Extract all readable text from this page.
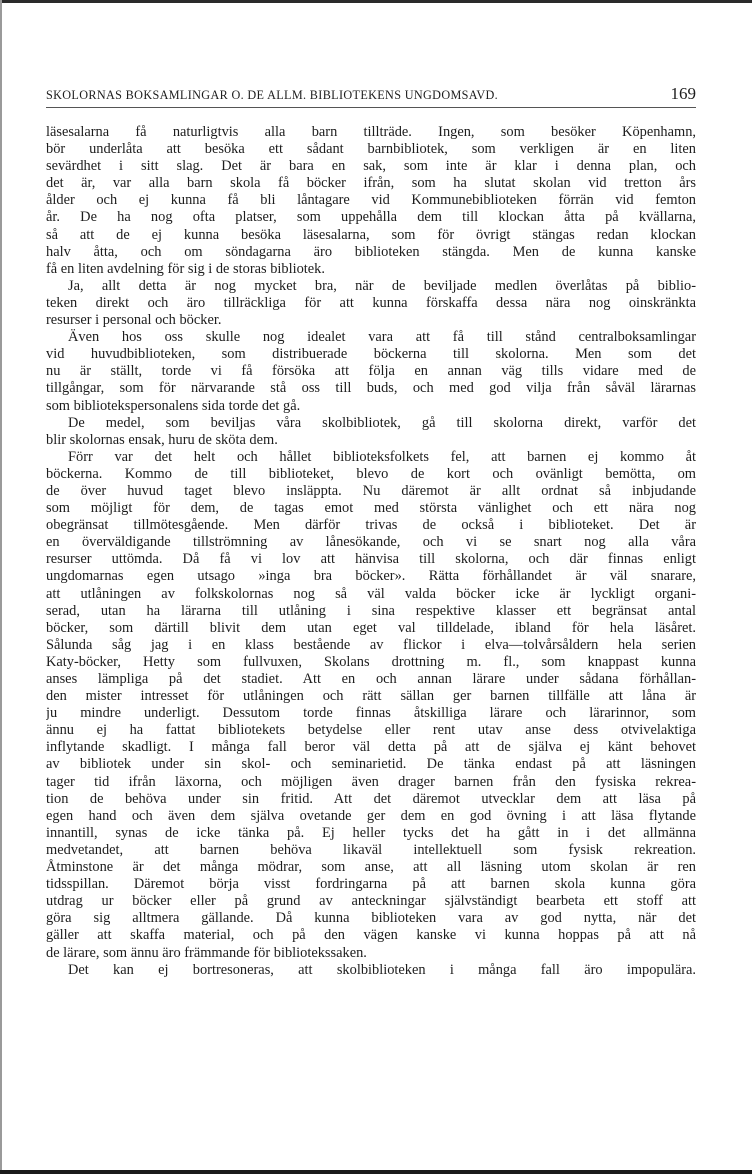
SKOLORNAS BOKSAMLINGAR O. DE ALLM. BIBLIOTEKENS UNGDOMSAVD.	169
läsesalarna få naturligtvis alla barn tillträde. Ingen, som besöker Köpenhamn,
bör underlåta att besöka ett sådant barnbibliotek, som verkligen är en liten
sevärdhet i sitt slag. Det är bara en sak, som inte är klar i denna plan, och
det är, var alla barn skola få böcker ifrån, som ha slutat skolan vid tretton års
ålder och ej kunna få bli låntagare vid Kommunebiblioteken förrän vid femton
år. De ha nog ofta platser, som uppehålla dem till klockan åtta på kvällarna,
så att de ej kunna besöka läsesalarna, som för övrigt stängas redan klockan
halv åtta, och om söndagarna äro biblioteken stängda. Men de kunna kanske
få en liten avdelning för sig i de storas bibliotek.
Ja, allt detta är nog mycket bra, när de beviljade medlen överlåtas på biblio-
teken direkt och äro tillräckliga för att kunna förskaffa dessa nära nog oinskränkta
resurser i personal och böcker.
Även hos oss skulle nog idealet vara att få till stånd centralboksamlingar
vid huvudbiblioteken, som distribuerade böckerna till skolorna. Men som det
nu är ställt, torde vi få försöka att följa en annan väg tills vidare med de
tillgångar, som för närvarande stå oss till buds, och med god vilja från såväl lärarnas
som bibliotekspersonalens sida torde det gå.
De medel, som beviljas våra skolbibliotek, gå till skolorna direkt, varför det
blir skolornas ensak, huru de sköta dem.
Förr var det helt och hållet biblioteksfolkets fel, att barnen ej kommo åt
böckerna. Kommo de till biblioteket, blevo de kort och ovänligt bemötta, om
de över huvud taget blevo insläppta. Nu däremot är allt ordnat så inbjudande
som möjligt för dem, de tagas emot med största vänlighet och ett nära nog
obegränsat tillmötesgående. Men därför trivas de också i biblioteket. Det är
en överväldigande tillströmning av lånesökande, och vi se snart nog alla våra
resurser uttömda. Då få vi lov att hänvisa till skolorna, och där finnas enligt
ungdomarnas egen utsago »inga bra böcker». Rätta förhållandet är väl snarare,
att utlåningen av folkskolornas nog så väl valda böcker icke är lyckligt organi-
serad, utan ha lärarna till utlåning i sina respektive klasser ett begränsat antal
böcker, som därtill blivit dem utan eget val tilldelade, ibland för hela läsåret.
Sålunda såg jag i en klass bestående av flickor i elva—tolvårsåldern hela serien
Katy-böcker, Hetty som fullvuxen, Skolans drottning m. fl., som knappast kunna
anses lämpliga på det stadiet. Att en och annan lärare under sådana förhållan-
den mister intresset för utlåningen och rätt sällan ger barnen tillfälle att låna är
ju mindre underligt. Dessutom torde finnas åtskilliga lärare och lärarinnor, som
ännu ej ha fattat bibliotekets betydelse eller rent utav anse dess otvivelaktiga
inflytande skadligt. I många fall beror väl detta på att de själva ej känt behovet
av bibliotek under sin skol- och seminarietid. De tänka endast på att läsningen
tager tid ifrån läxorna, och möjligen även drager barnen från den fysiska rekrea-
tion de behöva under sin fritid. Att det däremot utvecklar dem att läsa på
egen hand och även dem själva ovetande ger dem en god övning i att läsa flytande
innantill, synas de icke tänka på. Ej heller tycks det ha gått in i det allmänna
medvetandet, att barnen behöva likaväl intellektuell som fysisk rekreation.
Åtminstone är det många mödrar, som anse, att all läsning utom skolan är ren
tidsspillan. Däremot börja visst fordringarna på att barnen skola kunna göra
utdrag ur böcker eller på grund av anteckningar självständigt bearbeta ett stoff att
göra sig alltmera gällande. Då kunna biblioteken vara av god nytta, när det
gäller att skaffa material, och på den vägen kanske vi kunna hoppas på att nå
de lärare, som ännu äro främmande för bibliotekssaken.
Det kan ej bortresoneras, att skolbiblioteken i många fall äro impopulära.
